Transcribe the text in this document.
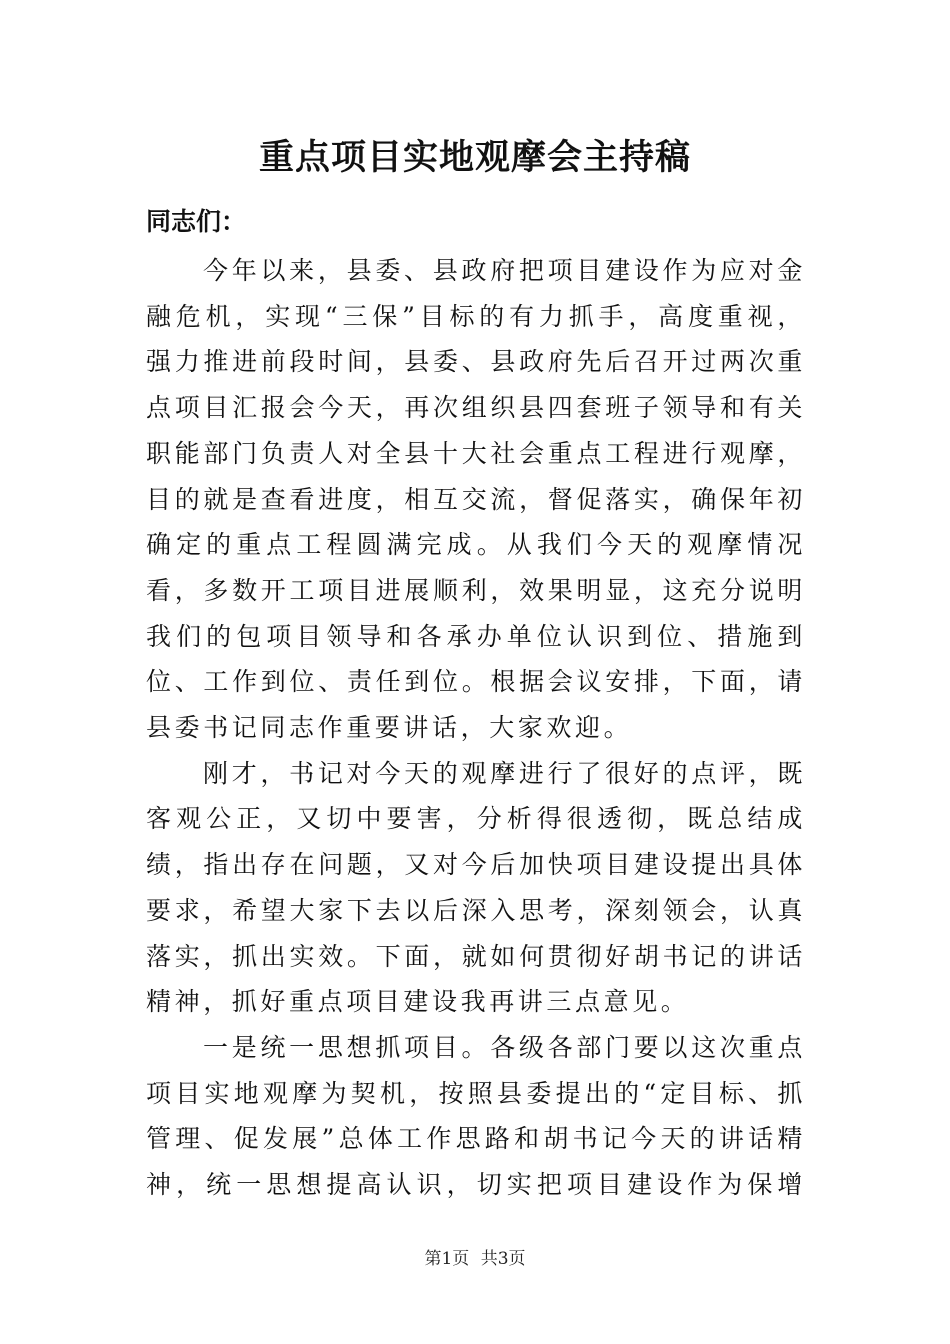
重点项目实地观摩会主持稿
同志们：

今年以来，县委、县政府把项目建设作为应对金融危机，实现“三保”目标的有力抓手，高度重视，强力推进前段时间，县委、县政府先后召开过两次重点项目汇报会今天，再次组织县四套班子领导和有关职能部门负责人对全县十大社会重点工程进行观摩，目的就是查看进度，相互交流，督促落实，确保年初确定的重点工程圆满完成。从我们今天的观摩情况看，多数开工项目进展顺利，效果明显，这充分说明我们的包项目领导和各承办单位认识到位、措施到位、工作到位、责任到位。根据会议安排，下面，请县委书记同志作重要讲话，大家欢迎。

刚才，书记对今天的观摩进行了很好的点评，既客观公正，又切中要害，分析得很透彻，既总结成绩，指出存在问题，又对今后加快项目建设提出具体要求，希望大家下去以后深入思考，深刻领会，认真落实，抓出实效。下面，就如何贯彻好胡书记的讲话精神，抓好重点项目建设我再讲三点意见。

一是统一思想抓项目。各级各部门要以这次重点项目实地观摩为契机，按照县委提出的“定目标、抓管理、促发展”总体工作思路和胡书记今天的讲话精神，统一思想提高认识，切实把项目建设作为保增

第1页 共3页
